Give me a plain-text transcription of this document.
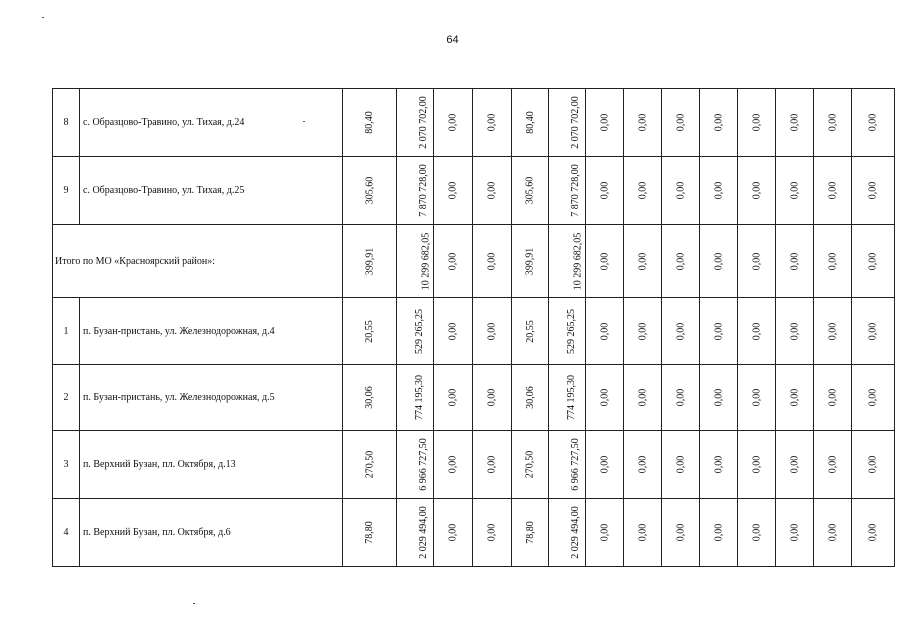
64
8	с. Образцово-Травино, ул. Тихая, д.24	80,40	2 070 702,00	0,00	0,00	80,40	2 070 702,00	0,00	0,00	0,00	0,00	0,00	0,00	0,00	0,00
9	с. Образцово-Травино, ул. Тихая, д.25	305,60	7 870 728,00	0,00	0,00	305,60	7 870 728,00	0,00	0,00	0,00	0,00	0,00	0,00	0,00	0,00
Итого по МО «Красноярский район»:		399,91	10 299 682,05	0,00	0,00	399,91	10 299 682,05	0,00	0,00	0,00	0,00	0,00	0,00	0,00	0,00
1	п. Бузан-пристань, ул. Железнодорожная, д.4	20,55	529 265,25	0,00	0,00	20,55	529 265,25	0,00	0,00	0,00	0,00	0,00	0,00	0,00	0,00
2	п. Бузан-пристань, ул. Железнодорожная, д.5	30,06	774 195,30	0,00	0,00	30,06	774 195,30	0,00	0,00	0,00	0,00	0,00	0,00	0,00	0,00
3	п. Верхний Бузан, пл. Октября, д.13	270,50	6 966 727,50	0,00	0,00	270,50	6 966 727,50	0,00	0,00	0,00	0,00	0,00	0,00	0,00	0,00
4	п. Верхний Бузан, пл. Октября, д.6	78,80	2 029 494,00	0,00	0,00	78,80	2 029 494,00	0,00	0,00	0,00	0,00	0,00	0,00	0,00	0,00
